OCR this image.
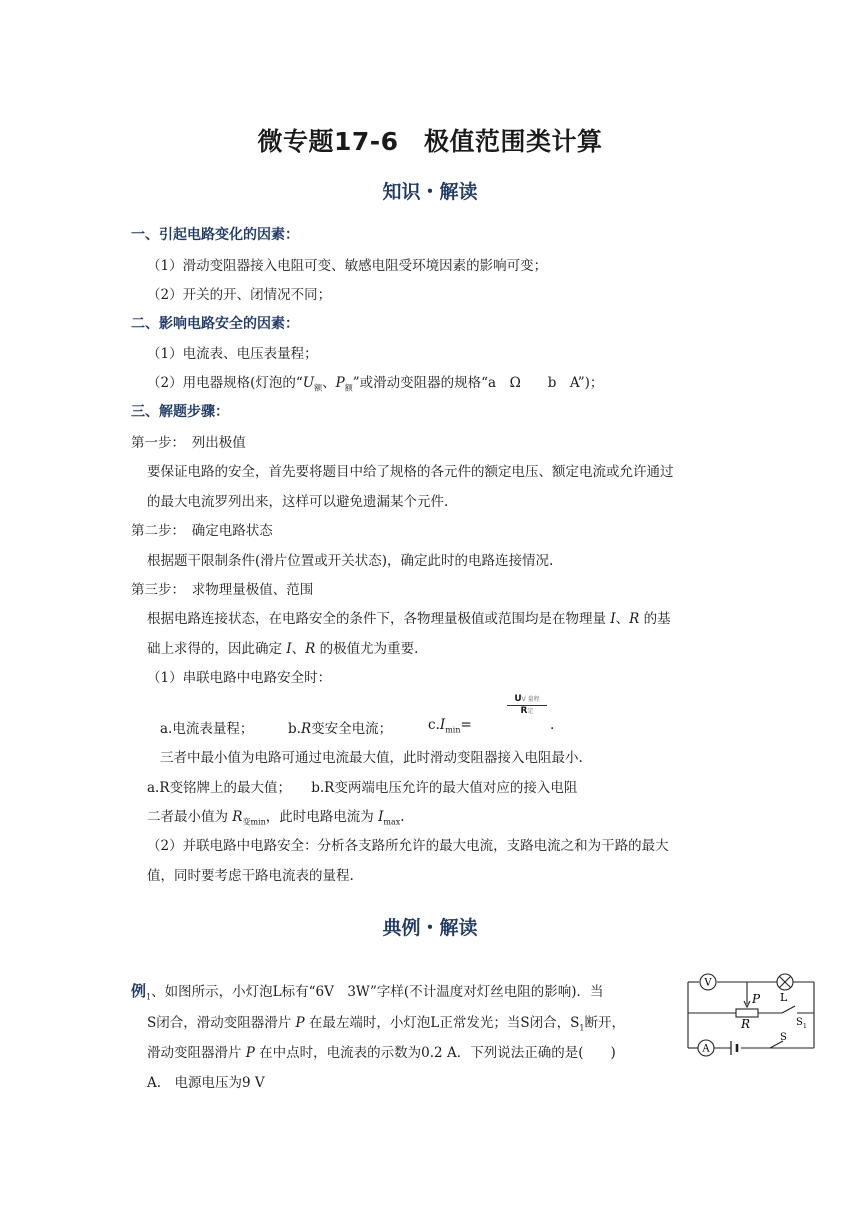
微专题17-6　极值范围类计算
知识・解读
一、引起电路变化的因素：
（1）滑动变阻器接入电阻可变、敏感电阻受环境因素的影响可变；
（2）开关的开、闭情况不同；
二、影响电路安全的因素：
（1）电流表、电压表量程；
（2）用电器规格(灯泡的“$U_额$、$P_额$”或滑动变阻器的规格“a　Ω　　b　A”)；
三、解题步骤：
第一步：　列出极值
要保证电路的安全，首先要将题目中给了规格的各元件的额定电压、额定电流或允许通过
的最大电流罗列出来，这样可以避免遗漏某个元件.
第二步：　确定电路状态
根据题干限制条件(滑片位置或开关状态)，确定此时的电路连接情况.
第三步：　求物理量极值、范围
根据电路连接状态，在电路安全的条件下，各物理量极值或范围均是在物理量 I、R 的基
础上求得的，因此确定 I、R 的极值尤为重要.
（1）串联电路中电路安全时：
a.电流表量程；	b.R变安全电流；	$c.I_{min}=$
UV 量程
R定
.
三者中最小值为电路可通过电流最大值，此时滑动变阻器接入电阻最小.
a.R变铭牌上的最大值；　　b.R变两端电压允许的最大值对应的接入电阻
二者最小值为 $R_{变min}$，此时电路电流为 $I_{max}$.
（2）并联电路中电路安全：分析各支路所允许的最大电流，支路电流之和为干路的最大
值，同时要考虑干路电流表的量程.
典例・解读
例$_1$、如图所示，小灯泡L标有“6V　3W”字样(不计温度对灯丝电阻的影响)．当
S闭合，滑动变阻器滑片 P 在最左端时，小灯泡L正常发光；当S闭合，$S_1$断开，
滑动变阻器滑片 P 在中点时，电流表的示数为0.2 A．下列说法正确的是(　　)
A.　电源电压为9 V
V
A
P
R
L
S 1
S
